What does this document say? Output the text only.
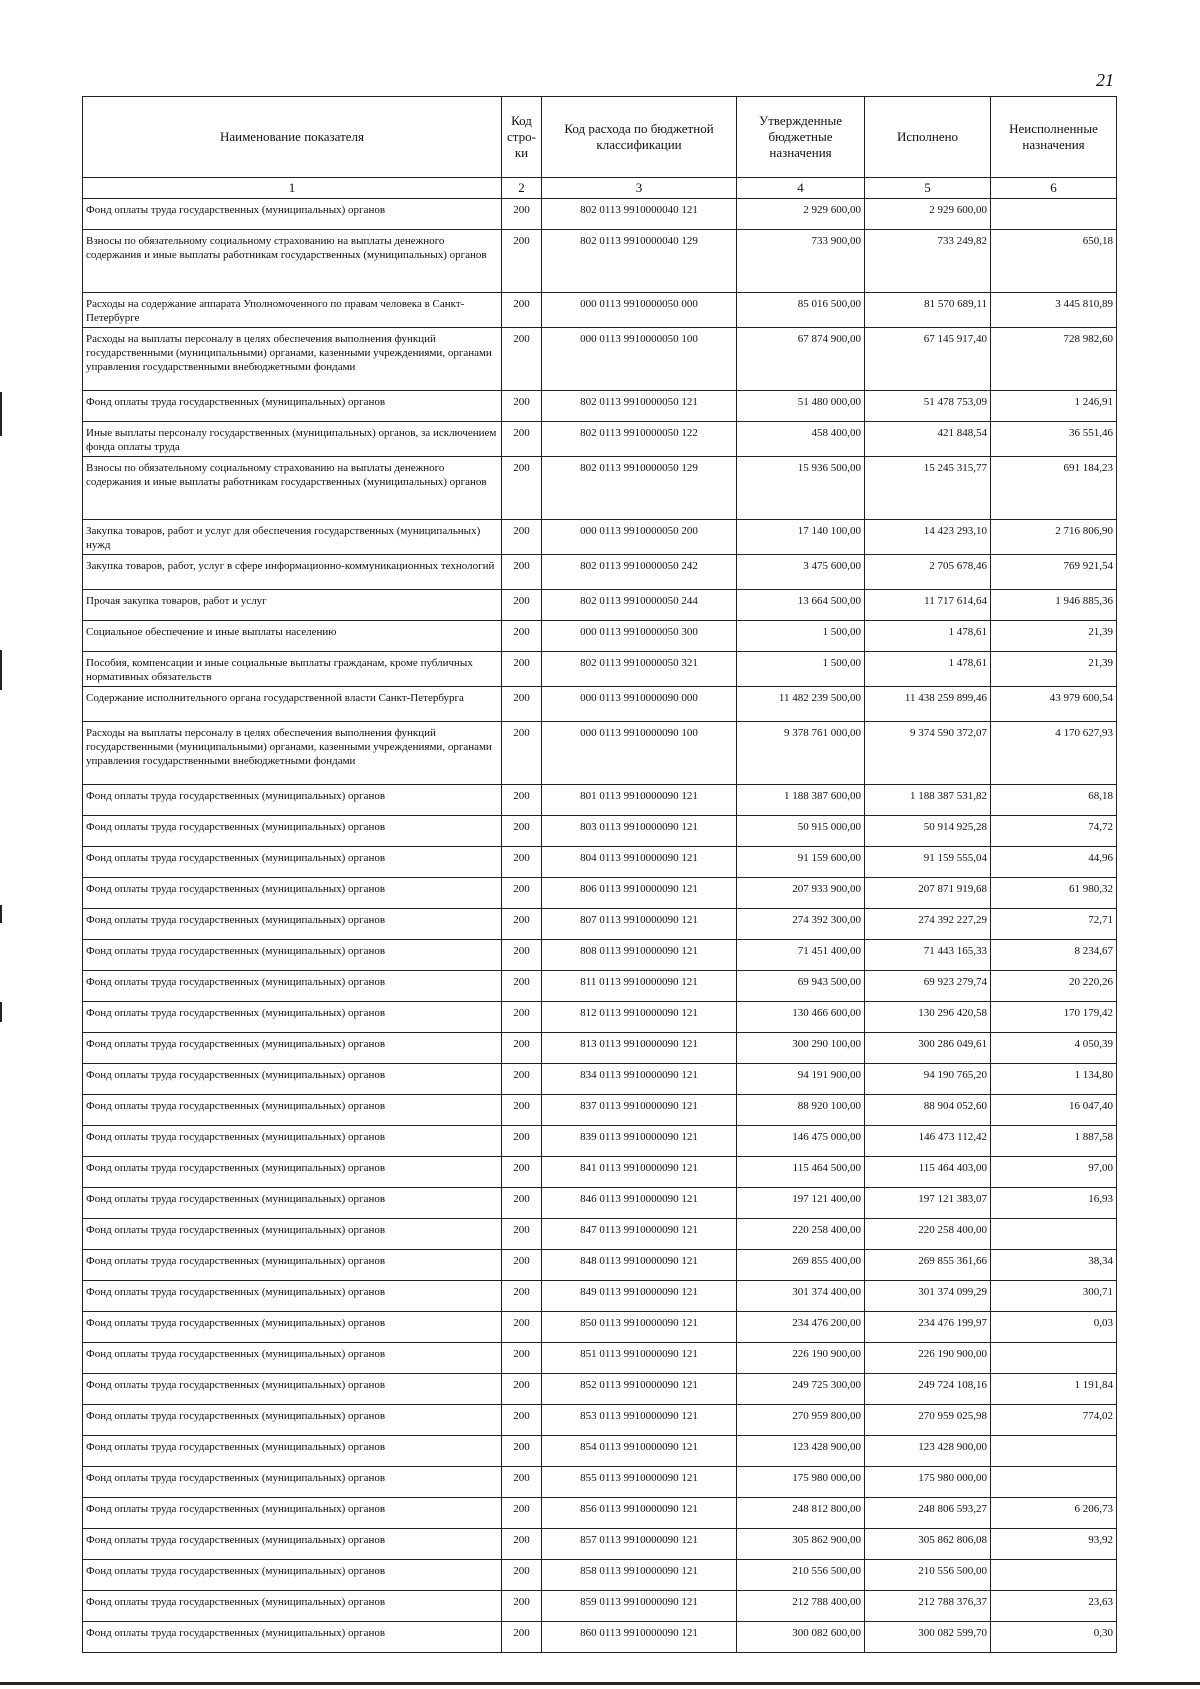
21
Наименование показателя	Код стро-ки	Код расхода по бюджетной классификации	Утвержденные бюджетные назначения	Исполнено	Неисполненные назначения
1	2	3	4	5	6
Фонд оплаты труда государственных (муниципальных) органов	200	802 0113 9910000040 121	2 929 600,00	2 929 600,00	
Взносы по обязательному социальному страхованию на выплаты денежного содержания и иные выплаты работникам государственных (муниципальных) органов	200	802 0113 9910000040 129	733 900,00	733 249,82	650,18
Расходы на содержание аппарата Уполномоченного по правам человека в Санкт-Петербурге	200	000 0113 9910000050 000	85 016 500,00	81 570 689,11	3 445 810,89
Расходы на выплаты персоналу в целях обеспечения выполнения функций государственными (муниципальными) органами, казенными учреждениями, органами управления государственными внебюджетными фондами	200	000 0113 9910000050 100	67 874 900,00	67 145 917,40	728 982,60
Фонд оплаты труда государственных (муниципальных) органов	200	802 0113 9910000050 121	51 480 000,00	51 478 753,09	1 246,91
Иные выплаты персоналу государственных (муниципальных) органов, за исключением фонда оплаты труда	200	802 0113 9910000050 122	458 400,00	421 848,54	36 551,46
Взносы по обязательному социальному страхованию на выплаты денежного содержания и иные выплаты работникам государственных (муниципальных) органов	200	802 0113 9910000050 129	15 936 500,00	15 245 315,77	691 184,23
Закупка товаров, работ и услуг для обеспечения государственных (муниципальных) нужд	200	000 0113 9910000050 200	17 140 100,00	14 423 293,10	2 716 806,90
Закупка товаров, работ, услуг в сфере информационно-коммуникационных технологий	200	802 0113 9910000050 242	3 475 600,00	2 705 678,46	769 921,54
Прочая закупка товаров, работ и услуг	200	802 0113 9910000050 244	13 664 500,00	11 717 614,64	1 946 885,36
Социальное обеспечение и иные выплаты населению	200	000 0113 9910000050 300	1 500,00	1 478,61	21,39
Пособия, компенсации и иные социальные выплаты гражданам, кроме публичных нормативных обязательств	200	802 0113 9910000050 321	1 500,00	1 478,61	21,39
Содержание исполнительного органа государственной власти Санкт-Петербурга	200	000 0113 9910000090 000	11 482 239 500,00	11 438 259 899,46	43 979 600,54
Расходы на выплаты персоналу в целях обеспечения выполнения функций государственными (муниципальными) органами, казенными учреждениями, органами управления государственными внебюджетными фондами	200	000 0113 9910000090 100	9 378 761 000,00	9 374 590 372,07	4 170 627,93
Фонд оплаты труда государственных (муниципальных) органов	200	801 0113 9910000090 121	1 188 387 600,00	1 188 387 531,82	68,18
Фонд оплаты труда государственных (муниципальных) органов	200	803 0113 9910000090 121	50 915 000,00	50 914 925,28	74,72
Фонд оплаты труда государственных (муниципальных) органов	200	804 0113 9910000090 121	91 159 600,00	91 159 555,04	44,96
Фонд оплаты труда государственных (муниципальных) органов	200	806 0113 9910000090 121	207 933 900,00	207 871 919,68	61 980,32
Фонд оплаты труда государственных (муниципальных) органов	200	807 0113 9910000090 121	274 392 300,00	274 392 227,29	72,71
Фонд оплаты труда государственных (муниципальных) органов	200	808 0113 9910000090 121	71 451 400,00	71 443 165,33	8 234,67
Фонд оплаты труда государственных (муниципальных) органов	200	811 0113 9910000090 121	69 943 500,00	69 923 279,74	20 220,26
Фонд оплаты труда государственных (муниципальных) органов	200	812 0113 9910000090 121	130 466 600,00	130 296 420,58	170 179,42
Фонд оплаты труда государственных (муниципальных) органов	200	813 0113 9910000090 121	300 290 100,00	300 286 049,61	4 050,39
Фонд оплаты труда государственных (муниципальных) органов	200	834 0113 9910000090 121	94 191 900,00	94 190 765,20	1 134,80
Фонд оплаты труда государственных (муниципальных) органов	200	837 0113 9910000090 121	88 920 100,00	88 904 052,60	16 047,40
Фонд оплаты труда государственных (муниципальных) органов	200	839 0113 9910000090 121	146 475 000,00	146 473 112,42	1 887,58
Фонд оплаты труда государственных (муниципальных) органов	200	841 0113 9910000090 121	115 464 500,00	115 464 403,00	97,00
Фонд оплаты труда государственных (муниципальных) органов	200	846 0113 9910000090 121	197 121 400,00	197 121 383,07	16,93
Фонд оплаты труда государственных (муниципальных) органов	200	847 0113 9910000090 121	220 258 400,00	220 258 400,00	
Фонд оплаты труда государственных (муниципальных) органов	200	848 0113 9910000090 121	269 855 400,00	269 855 361,66	38,34
Фонд оплаты труда государственных (муниципальных) органов	200	849 0113 9910000090 121	301 374 400,00	301 374 099,29	300,71
Фонд оплаты труда государственных (муниципальных) органов	200	850 0113 9910000090 121	234 476 200,00	234 476 199,97	0,03
Фонд оплаты труда государственных (муниципальных) органов	200	851 0113 9910000090 121	226 190 900,00	226 190 900,00	
Фонд оплаты труда государственных (муниципальных) органов	200	852 0113 9910000090 121	249 725 300,00	249 724 108,16	1 191,84
Фонд оплаты труда государственных (муниципальных) органов	200	853 0113 9910000090 121	270 959 800,00	270 959 025,98	774,02
Фонд оплаты труда государственных (муниципальных) органов	200	854 0113 9910000090 121	123 428 900,00	123 428 900,00	
Фонд оплаты труда государственных (муниципальных) органов	200	855 0113 9910000090 121	175 980 000,00	175 980 000,00	
Фонд оплаты труда государственных (муниципальных) органов	200	856 0113 9910000090 121	248 812 800,00	248 806 593,27	6 206,73
Фонд оплаты труда государственных (муниципальных) органов	200	857 0113 9910000090 121	305 862 900,00	305 862 806,08	93,92
Фонд оплаты труда государственных (муниципальных) органов	200	858 0113 9910000090 121	210 556 500,00	210 556 500,00	
Фонд оплаты труда государственных (муниципальных) органов	200	859 0113 9910000090 121	212 788 400,00	212 788 376,37	23,63
Фонд оплаты труда государственных (муниципальных) органов	200	860 0113 9910000090 121	300 082 600,00	300 082 599,70	0,30
